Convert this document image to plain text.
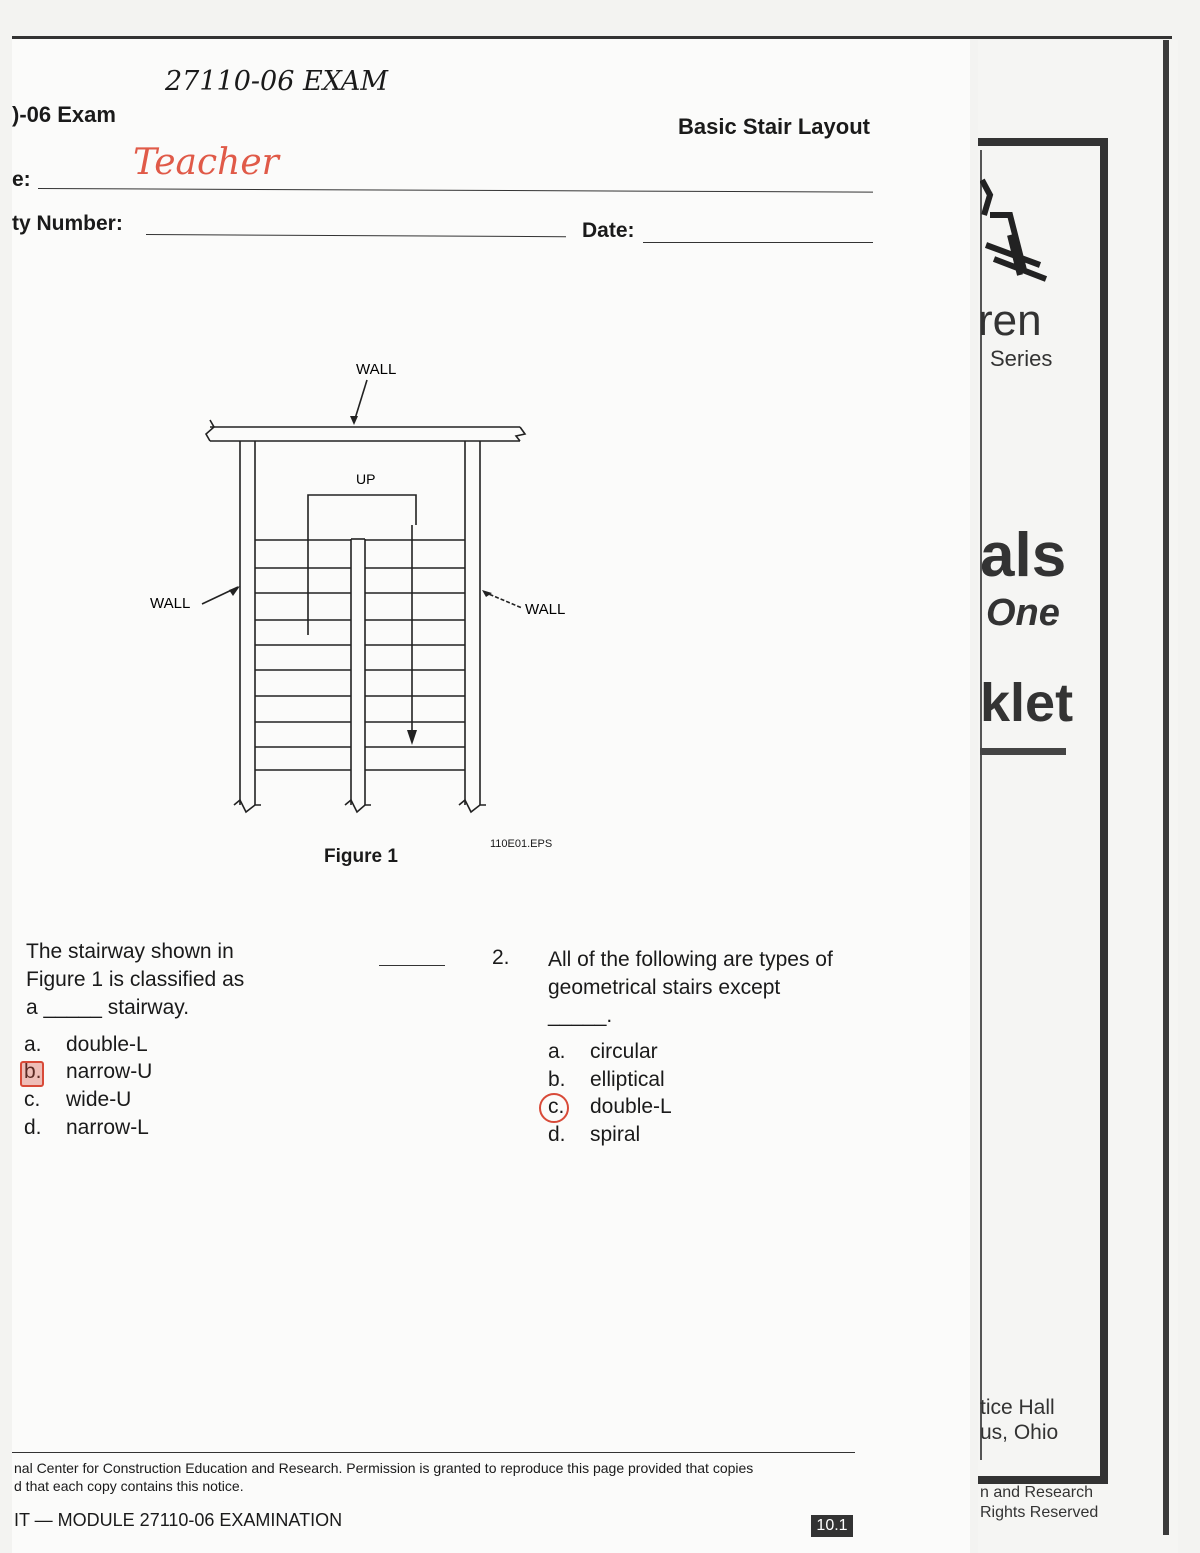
27110-06 EXAM
Teacher
)-06 Exam	Basic Stair Layout
e:
ty Number:	Date:
WALL
WALL	WALL
UP
Figure 1
110E01.EPS
The stairway shown in
Figure 1 is classified as
a _____ stairway.
a. double-L
b. narrow-U
c. wide-U
d. narrow-L
2. All of the following are types of
geometrical stairs except
_____.
a. circular
b. elliptical
c. double-L
d. spiral
nal Center for Construction Education and Research. Permission is granted to reproduce this page provided that copies
d that each copy contains this notice.
IT — MODULE 27110-06 EXAMINATION	10.1
ren
Series
als
One
klet
tice Hall
us, Ohio
n and Research
Rights Reserved
